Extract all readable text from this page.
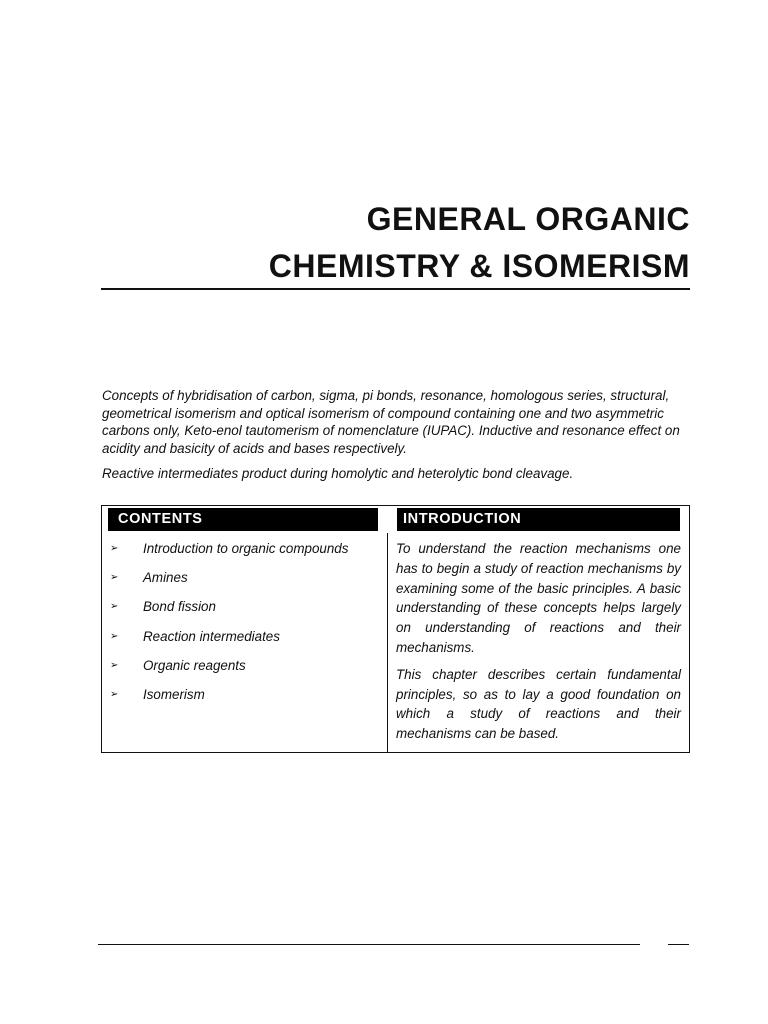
GENERAL ORGANIC
CHEMISTRY & ISOMERISM

Concepts of hybridisation of carbon, sigma, pi bonds, resonance, homologous series, structural, geometrical isomerism and optical isomerism of compound containing one and two asymmetric carbons only, Keto-enol tautomerism of nomenclature (IUPAC). Inductive and resonance effect on acidity and basicity of acids and bases respectively.

Reactive intermediates product during homolytic and heterolytic bond cleavage.

CONTENTS	INTRODUCTION
➢ Introduction to organic compounds
➢ Amines
➢ Bond fission
➢ Reaction intermediates
➢ Organic reagents
➢ Isomerism

To understand the reaction mechanisms one has to begin a study of reaction mechanisms by examining some of the basic principles. A basic understanding of these concepts helps largely on understanding of reactions and their mechanisms.

This chapter describes certain fundamental principles, so as to lay a good foundation on which a study of reactions and their mechanisms can be based.
